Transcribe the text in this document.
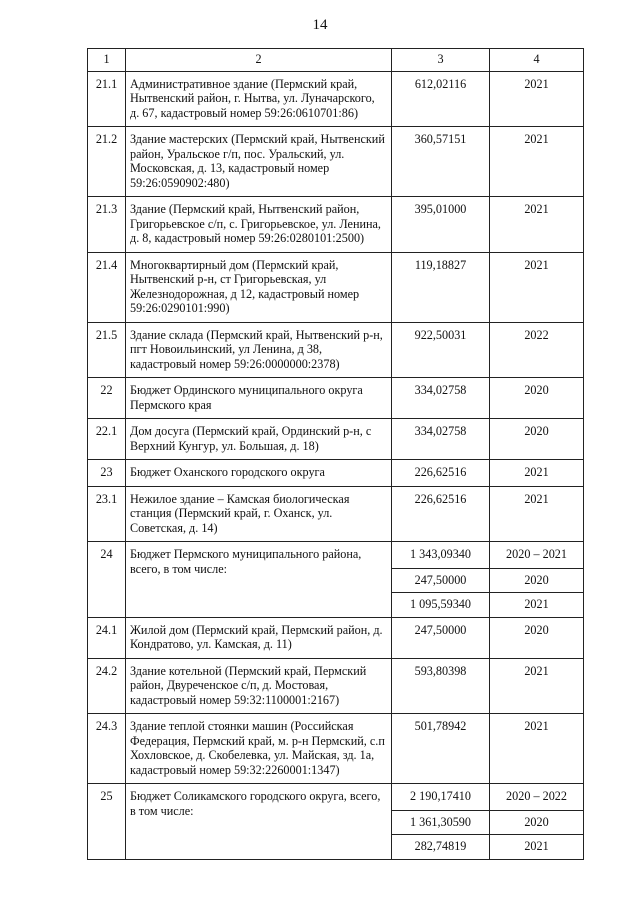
14
1	2	3	4
21.1	Административное здание (Пермский край, Нытвенский район, г. Нытва, ул. Луначарского, д. 67, кадастровый номер 59:26:0610701:86)	612,02116	2021
21.2	Здание мастерских (Пермский край, Нытвенский район, Уральское г/п, пос. Уральский, ул. Московская, д. 13, кадастровый номер 59:26:0590902:480)	360,57151	2021
21.3	Здание (Пермский край, Нытвенский район, Григорьевское с/п, с. Григорьевское, ул. Ленина, д. 8, кадастровый номер 59:26:0280101:2500)	395,01000	2021
21.4	Многоквартирный дом (Пермский край, Нытвенский р-н, ст Григорьевская, ул Железнодорожная, д 12, кадастровый номер 59:26:0290101:990)	119,18827	2021
21.5	Здание склада (Пермский край, Нытвенский р-н, пгт Новоильинский, ул Ленина, д 38, кадастровый номер 59:26:0000000:2378)	922,50031	2022
22	Бюджет Ординского муниципального округа Пермского края	334,02758	2020
22.1	Дом досуга (Пермский край, Ординский р-н, с Верхний Кунгур, ул. Большая, д. 18)	334,02758	2020
23	Бюджет Оханского городского округа	226,62516	2021
23.1	Нежилое здание – Камская биологическая станция (Пермский край, г. Оханск, ул. Советская, д. 14)	226,62516	2021
24	Бюджет Пермского муниципального района, всего, в том числе:	1 343,09340	2020 – 2021
		247,50000	2020
		1 095,59340	2021
24.1	Жилой дом (Пермский край, Пермский район, д. Кондратово, ул. Камская, д. 11)	247,50000	2020
24.2	Здание котельной (Пермский край, Пермский район, Двуреченское с/п, д. Мостовая, кадастровый номер 59:32:1100001:2167)	593,80398	2021
24.3	Здание теплой стоянки машин (Российская Федерация, Пермский край, м. р-н Пермский, с.п Хохловское, д. Скобелевка, ул. Майская, зд. 1а, кадастровый номер 59:32:2260001:1347)	501,78942	2021
25	Бюджет Соликамского городского округа, всего, в том числе:	2 190,17410	2020 – 2022
		1 361,30590	2020
		282,74819	2021
